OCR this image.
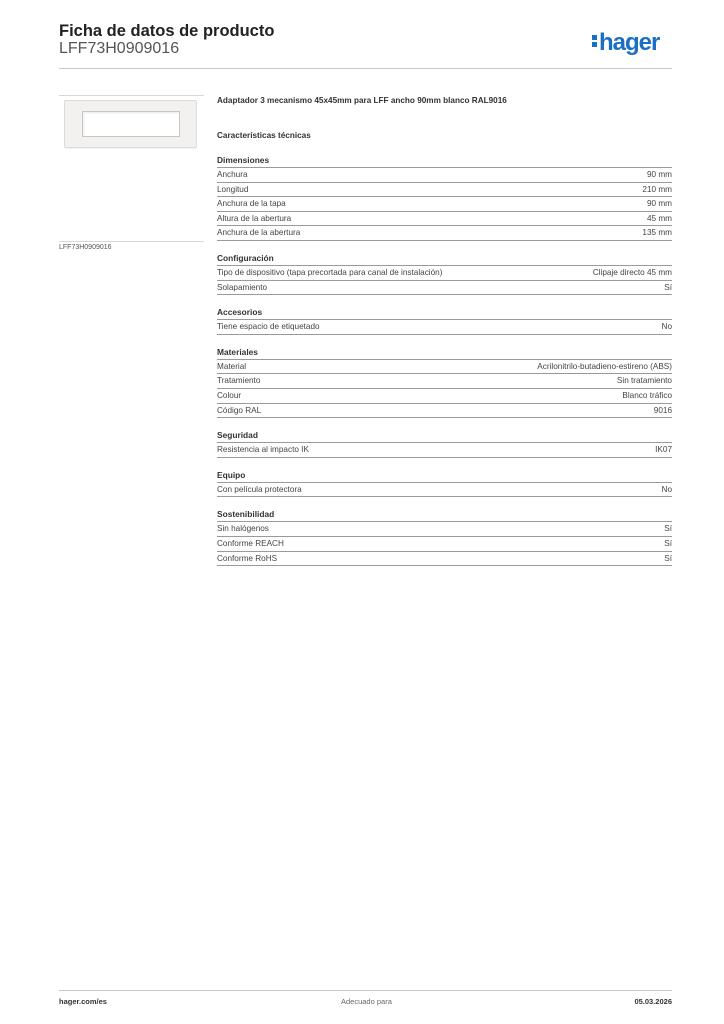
Ficha de datos de producto
LFF73H0909016	hager
LFF73H0909016
Adaptador 3 mecanismo 45x45mm para LFF ancho 90mm blanco RAL9016
Características técnicas
Dimensiones
Anchura	90 mm
Longitud	210 mm
Anchura de la tapa	90 mm
Altura de la abertura	45 mm
Anchura de la abertura	135 mm
Configuración
Tipo de dispositivo (tapa precortada para canal de instalación)	Clipaje directo 45 mm
Solapamiento	Sí
Accesorios
Tiene espacio de etiquetado	No
Materiales
Material	Acrilonitrilo-butadieno-estireno (ABS)
Tratamiento	Sin tratamiento
Colour	Blanco tráfico
Código RAL	9016
Seguridad
Resistencia al impacto IK	IK07
Equipo
Con película protectora	No
Sostenibilidad
Sin halógenos	Sí
Conforme REACH	Sí
Conforme RoHS	Sí
hager.com/es	Adecuado para	05.03.2026
